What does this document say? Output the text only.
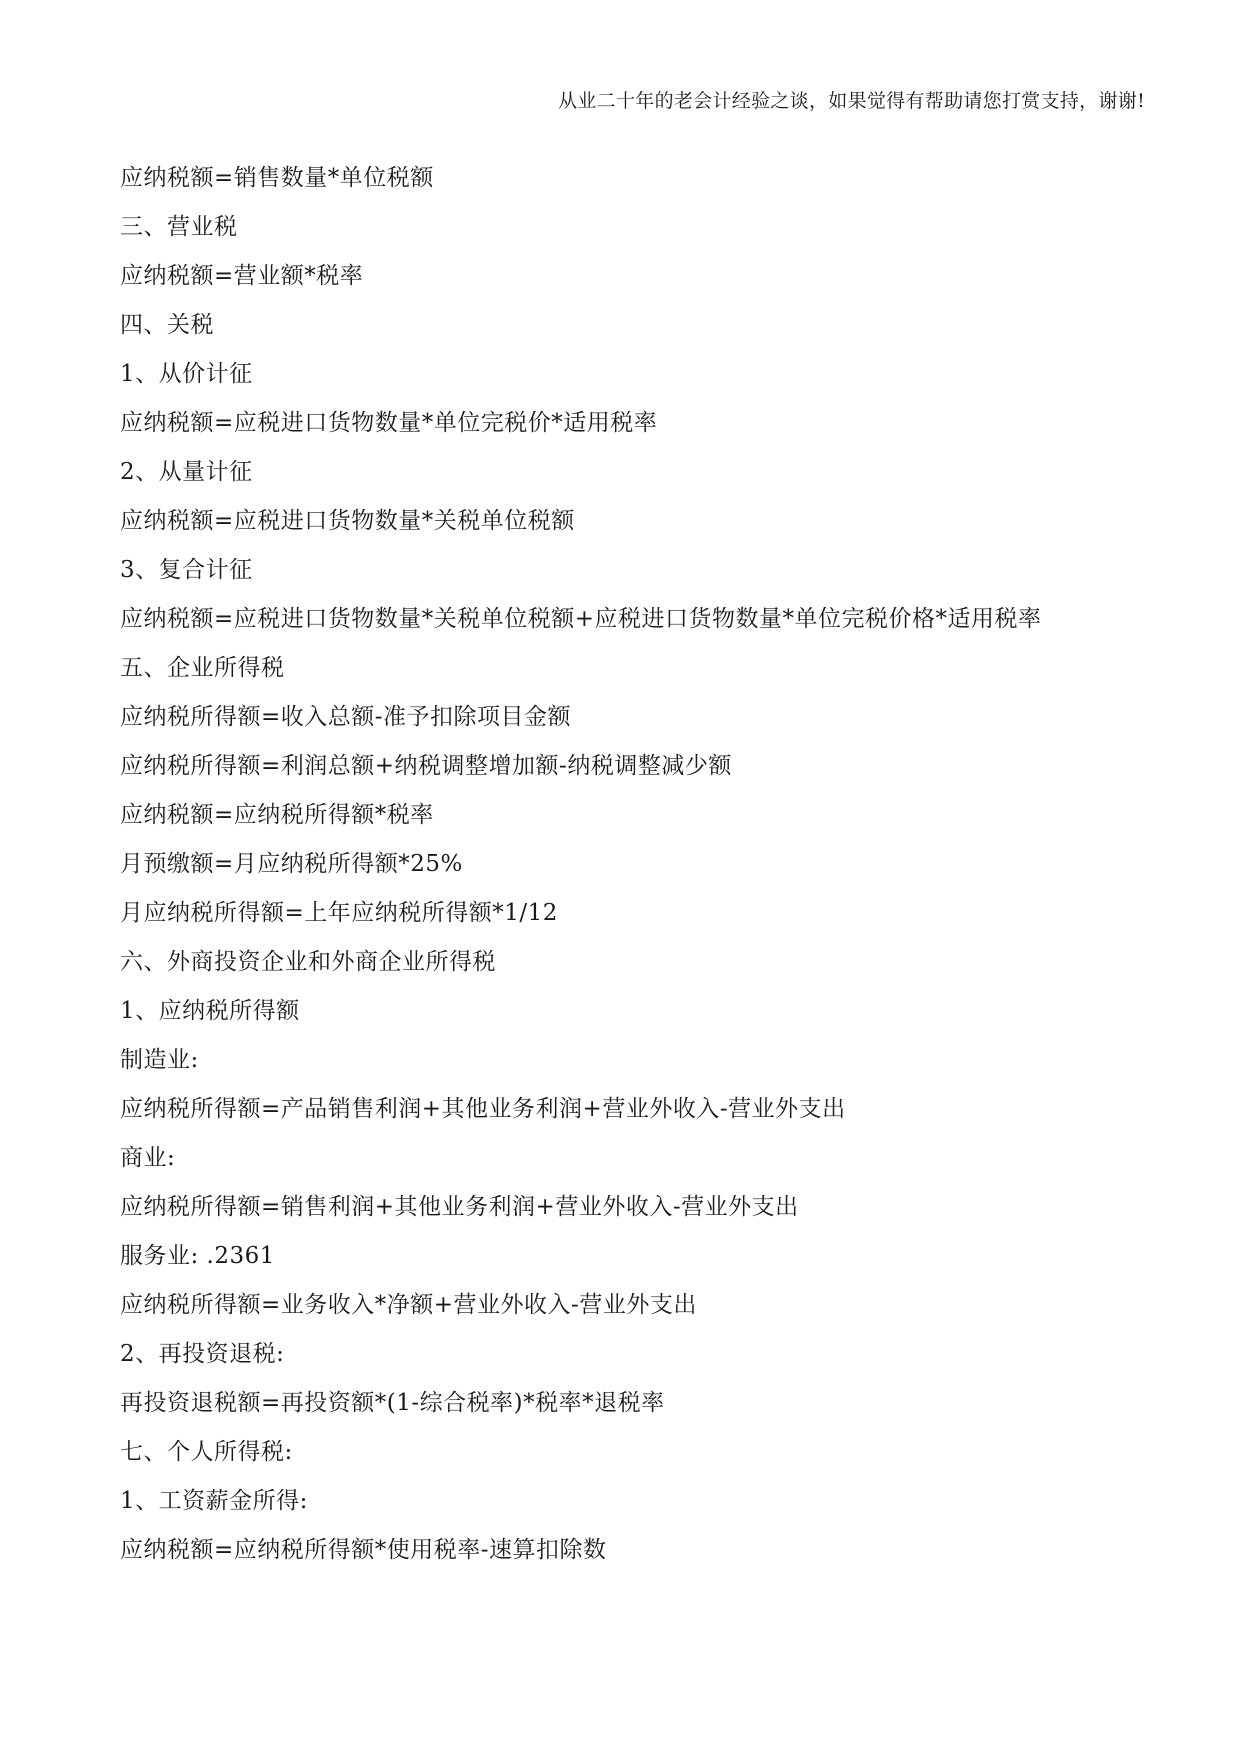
从业二十年的老会计经验之谈，如果觉得有帮助请您打赏支持，谢谢!
应纳税额=销售数量*单位税额
三、营业税
应纳税额=营业额*税率
四、关税
1、从价计征
应纳税额=应税进口货物数量*单位完税价*适用税率
2、从量计征
应纳税额=应税进口货物数量*关税单位税额
3、复合计征
应纳税额=应税进口货物数量*关税单位税额+应税进口货物数量*单位完税价格*适用税率
五、企业所得税
应纳税所得额=收入总额-准予扣除项目金额
应纳税所得额=利润总额+纳税调整增加额-纳税调整减少额
应纳税额=应纳税所得额*税率
月预缴额=月应纳税所得额*25%
月应纳税所得额=上年应纳税所得额*1/12
六、外商投资企业和外商企业所得税
1、应纳税所得额
制造业:
应纳税所得额=产品销售利润+其他业务利润+营业外收入-营业外支出
商业:
应纳税所得额=销售利润+其他业务利润+营业外收入-营业外支出
服务业: .2361
应纳税所得额=业务收入*净额+营业外收入-营业外支出
2、再投资退税:
再投资退税额=再投资额*(1-综合税率)*税率*退税率
七、个人所得税:
1、工资薪金所得:
应纳税额=应纳税所得额*使用税率-速算扣除数
